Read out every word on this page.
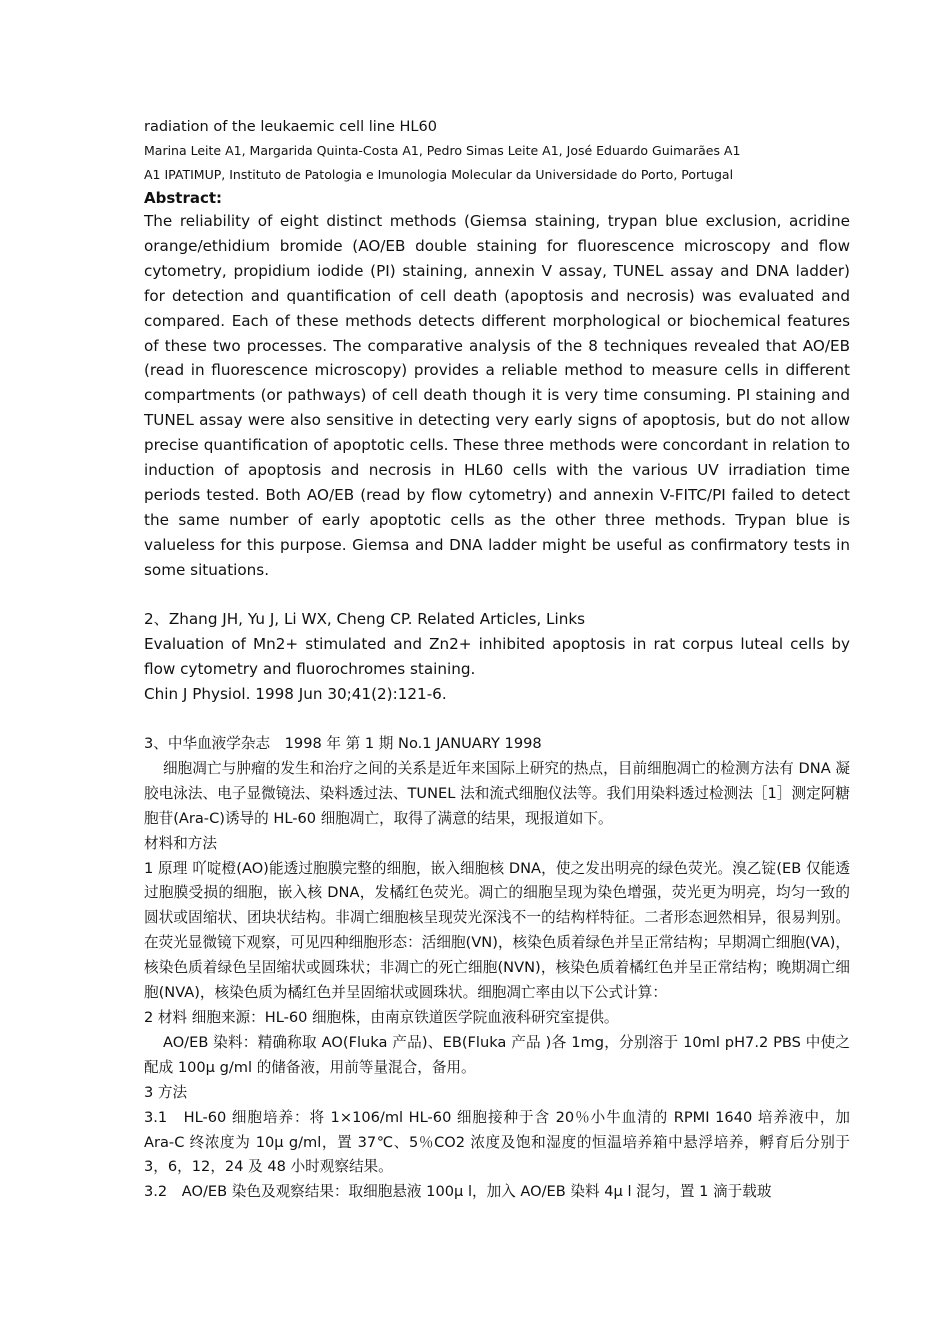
radiation of the leukaemic cell line HL60
Marina Leite A1, Margarida Quinta-Costa A1, Pedro Simas Leite A1, José Eduardo Guimarães A1
A1 IPATIMUP, Instituto de Patologia e Imunologia Molecular da Universidade do Porto, Portugal
Abstract:

The reliability of eight distinct methods (Giemsa staining, trypan blue exclusion, acridine orange/ethidium bromide (AO/EB double staining for fluorescence microscopy and flow cytometry, propidium iodide (PI) staining, annexin V assay, TUNEL assay and DNA ladder) for detection and quantification of cell death (apoptosis and necrosis) was evaluated and compared. Each of these methods detects different morphological or biochemical features of these two processes. The comparative analysis of the 8 techniques revealed that AO/EB (read in fluorescence microscopy) provides a reliable method to measure cells in different compartments (or pathways) of cell death though it is very time consuming. PI staining and TUNEL assay were also sensitive in detecting very early signs of apoptosis, but do not allow precise quantification of apoptotic cells. These three methods were concordant in relation to induction of apoptosis and necrosis in HL60 cells with the various UV irradiation time periods tested. Both AO/EB (read by flow cytometry) and annexin V-FITC/PI failed to detect the same number of early apoptotic cells as the other three methods. Trypan blue is valueless for this purpose. Giemsa and DNA ladder might be useful as confirmatory tests in some situations.

2、Zhang JH, Yu J, Li WX, Cheng CP. Related Articles, Links

Evaluation of Mn2+ stimulated and Zn2+ inhibited apoptosis in rat corpus luteal cells by flow cytometry and fluorochromes staining.

Chin J Physiol. 1998 Jun 30;41(2):121-6.

3、中华血液学杂志　1998 年 第 1 期 No.1 JANUARY 1998

细胞凋亡与肿瘤的发生和治疗之间的关系是近年来国际上研究的热点，目前细胞凋亡的检测方法有 DNA 凝胶电泳法、电子显微镜法、染料透过法、TUNEL 法和流式细胞仪法等。我们用染料透过检测法［1］测定阿糖胞苷(Ara-C)诱导的 HL-60 细胞凋亡，取得了满意的结果，现报道如下。

材料和方法

1 原理 吖啶橙(AO)能透过胞膜完整的细胞，嵌入细胞核 DNA，使之发出明亮的绿色荧光。溴乙锭(EB 仅能透过胞膜受损的细胞，嵌入核 DNA，发橘红色荧光。凋亡的细胞呈现为染色增强，荧光更为明亮，均匀一致的圆状或固缩状、团块状结构。非凋亡细胞核呈现荧光深浅不一的结构样特征。二者形态迥然相异，很易判别。在荧光显微镜下观察，可见四种细胞形态：活细胞(VN)，核染色质着绿色并呈正常结构；早期凋亡细胞(VA)，核染色质着绿色呈固缩状或圆珠状；非凋亡的死亡细胞(NVN)，核染色质着橘红色并呈正常结构；晚期凋亡细胞(NVA)，核染色质为橘红色并呈固缩状或圆珠状。细胞凋亡率由以下公式计算：

2 材料 细胞来源：HL-60 细胞株，由南京铁道医学院血液科研究室提供。

AO/EB 染料：精确称取 AO(Fluka 产品)、EB(Fluka 产品 )各 1mg，分别溶于 10ml pH7.2 PBS 中使之配成 100μ g/ml 的储备液，用前等量混合，备用。

3 方法

3.1　HL-60 细胞培养：将 1×106/ml HL-60 细胞接种于含 20％小牛血清的 RPMI 1640 培养液中，加 Ara-C 终浓度为 10μ g/ml，置 37℃、5％CO2 浓度及饱和湿度的恒温培养箱中悬浮培养，孵育后分别于 3，6，12，24 及 48 小时观察结果。

3.2　AO/EB 染色及观察结果：取细胞悬液 100μ l，加入 AO/EB 染料 4μ l 混匀，置 1 滴于载玻
